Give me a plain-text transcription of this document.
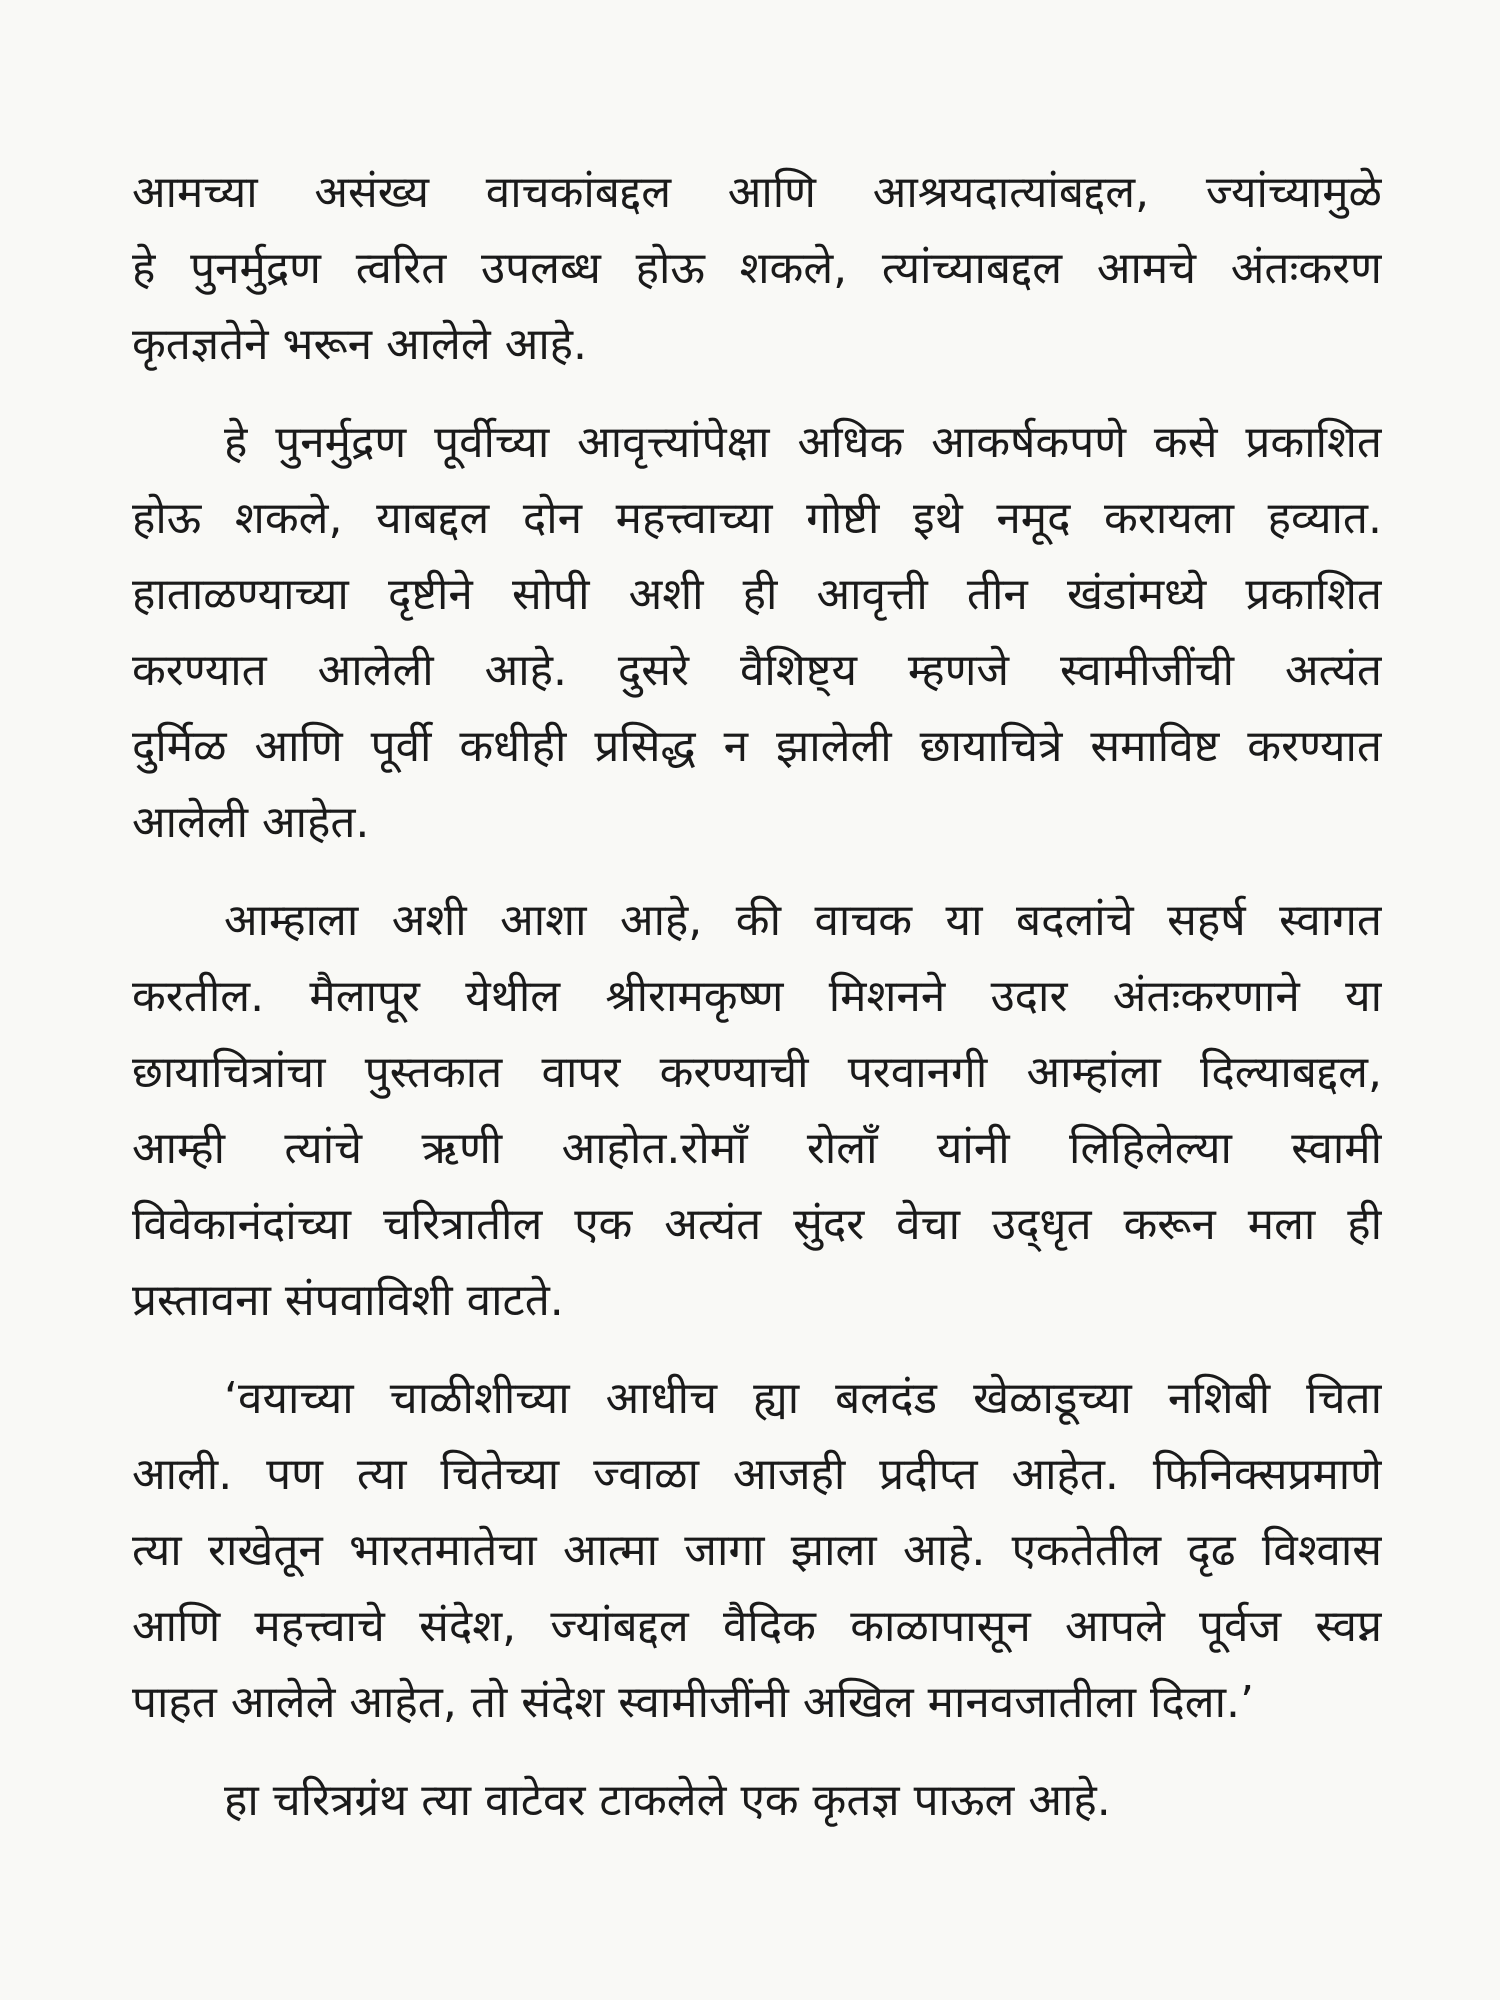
आमच्या असंख्य वाचकांबद्दल आणि आश्रयदात्यांबद्दल, ज्यांच्यामुळे
हे पुनर्मुद्रण त्वरित उपलब्ध होऊ शकले, त्यांच्याबद्दल आमचे अंतःकरण
कृतज्ञतेने भरून आलेले आहे.
हे पुनर्मुद्रण पूर्वीच्या आवृत्त्यांपेक्षा अधिक आकर्षकपणे कसे प्रकाशित
होऊ शकले, याबद्दल दोन महत्त्वाच्या गोष्टी इथे नमूद करायला हव्यात.
हाताळण्याच्या दृष्टीने सोपी अशी ही आवृत्ती तीन खंडांमध्ये प्रकाशित
करण्यात आलेली आहे. दुसरे वैशिष्ट्य म्हणजे स्वामीजींची अत्यंत
दुर्मिळ आणि पूर्वी कधीही प्रसिद्ध न झालेली छायाचित्रे समाविष्ट करण्यात
आलेली आहेत.
आम्हाला अशी आशा आहे, की वाचक या बदलांचे सहर्ष स्वागत
करतील. मैलापूर येथील श्रीरामकृष्ण मिशनने उदार अंतःकरणाने या
छायाचित्रांचा पुस्तकात वापर करण्याची परवानगी आम्हांला दिल्याबद्दल,
आम्ही त्यांचे ऋणी आहोत.रोमाँ रोलाँ यांनी लिहिलेल्या स्वामी
विवेकानंदांच्या चरित्रातील एक अत्यंत सुंदर वेचा उद्‌धृत करून मला ही
प्रस्तावना संपवाविशी वाटते.
‘वयाच्या चाळीशीच्या आधीच ह्या बलदंड खेळाडूच्या नशिबी चिता
आली. पण त्या चितेच्या ज्वाळा आजही प्रदीप्त आहेत. फिनिक्सप्रमाणे
त्या राखेतून भारतमातेचा आत्मा जागा झाला आहे. एकतेतील दृढ विश्वास
आणि महत्त्वाचे संदेश, ज्यांबद्दल वैदिक काळापासून आपले पूर्वज स्वप्न
पाहत आलेले आहेत, तो संदेश स्वामीजींनी अखिल मानवजातीला दिला.’
हा चरित्रग्रंथ त्या वाटेवर टाकलेले एक कृतज्ञ पाऊल आहे.
